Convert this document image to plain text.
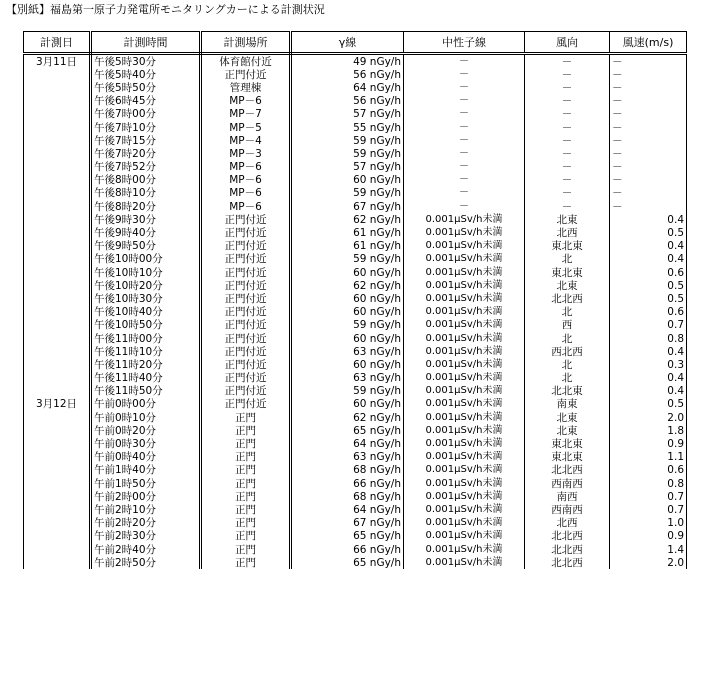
【別紙】福島第一原子力発電所モニタリングカーによる計測状況
計測日	計測時間	計測場所	γ線	中性子線	風向	風速(m/s)
3月11日	午後5時30分	体育館付近	49 nGy/h	－	－	－
	午後5時40分	正門付近	56 nGy/h	－	－	－
	午後5時50分	管理棟	64 nGy/h	－	－	－
	午後6時45分	MP－6	56 nGy/h	－	－	－
	午後7時00分	MP－7	57 nGy/h	－	－	－
	午後7時10分	MP－5	55 nGy/h	－	－	－
	午後7時15分	MP－4	59 nGy/h	－	－	－
	午後7時20分	MP－3	59 nGy/h	－	－	－
	午後7時52分	MP－6	57 nGy/h	－	－	－
	午後8時00分	MP－6	60 nGy/h	－	－	－
	午後8時10分	MP－6	59 nGy/h	－	－	－
	午後8時20分	MP－6	67 nGy/h	－	－	－
	午後9時30分	正門付近	62 nGy/h	0.001μSv/h未満	北東	0.4
	午後9時40分	正門付近	61 nGy/h	0.001μSv/h未満	北西	0.5
	午後9時50分	正門付近	61 nGy/h	0.001μSv/h未満	東北東	0.4
	午後10時00分	正門付近	59 nGy/h	0.001μSv/h未満	北	0.4
	午後10時10分	正門付近	60 nGy/h	0.001μSv/h未満	東北東	0.6
	午後10時20分	正門付近	62 nGy/h	0.001μSv/h未満	北東	0.5
	午後10時30分	正門付近	60 nGy/h	0.001μSv/h未満	北北西	0.5
	午後10時40分	正門付近	60 nGy/h	0.001μSv/h未満	北	0.6
	午後10時50分	正門付近	59 nGy/h	0.001μSv/h未満	西	0.7
	午後11時00分	正門付近	60 nGy/h	0.001μSv/h未満	北	0.8
	午後11時10分	正門付近	63 nGy/h	0.001μSv/h未満	西北西	0.4
	午後11時20分	正門付近	60 nGy/h	0.001μSv/h未満	北	0.3
	午後11時40分	正門付近	63 nGy/h	0.001μSv/h未満	北	0.4
	午後11時50分	正門付近	59 nGy/h	0.001μSv/h未満	北北東	0.4
3月12日	午前0時00分	正門付近	60 nGy/h	0.001μSv/h未満	南東	0.5
	午前0時10分	正門	62 nGy/h	0.001μSv/h未満	北東	2.0
	午前0時20分	正門	65 nGy/h	0.001μSv/h未満	北東	1.8
	午前0時30分	正門	64 nGy/h	0.001μSv/h未満	東北東	0.9
	午前0時40分	正門	63 nGy/h	0.001μSv/h未満	東北東	1.1
	午前1時40分	正門	68 nGy/h	0.001μSv/h未満	北北西	0.6
	午前1時50分	正門	66 nGy/h	0.001μSv/h未満	西南西	0.8
	午前2時00分	正門	68 nGy/h	0.001μSv/h未満	南西	0.7
	午前2時10分	正門	64 nGy/h	0.001μSv/h未満	西南西	0.7
	午前2時20分	正門	67 nGy/h	0.001μSv/h未満	北西	1.0
	午前2時30分	正門	65 nGy/h	0.001μSv/h未満	北北西	0.9
	午前2時40分	正門	66 nGy/h	0.001μSv/h未満	北北西	1.4
	午前2時50分	正門	65 nGy/h	0.001μSv/h未満	北北西	2.0
